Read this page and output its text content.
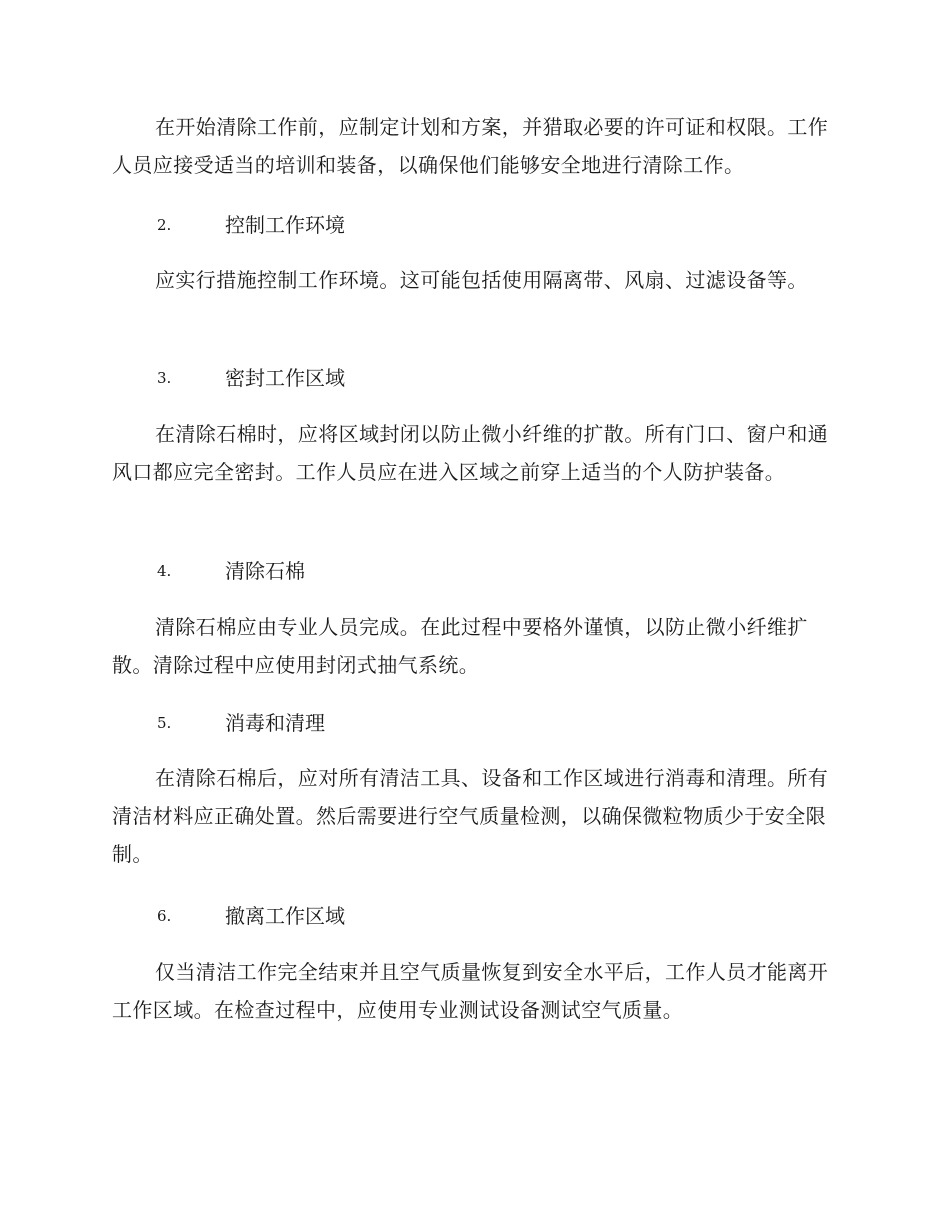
在开始清除工作前，应制定计划和方案，并猎取必要的许可证和权限。工作人员应接受适当的培训和装备，以确保他们能够安全地进行清除工作。

2.	控制工作环境

应实行措施控制工作环境。这可能包括使用隔离带、风扇、过滤设备等。

3.	密封工作区域

在清除石棉时，应将区域封闭以防止微小纤维的扩散。所有门口、窗户和通风口都应完全密封。工作人员应在进入区域之前穿上适当的个人防护装备。

4.	清除石棉

清除石棉应由专业人员完成。在此过程中要格外谨慎，以防止微小纤维扩散。清除过程中应使用封闭式抽气系统。

5.	消毒和清理

在清除石棉后，应对所有清洁工具、设备和工作区域进行消毒和清理。所有清洁材料应正确处置。然后需要进行空气质量检测，以确保微粒物质少于安全限制。

6.	撤离工作区域

仅当清洁工作完全结束并且空气质量恢复到安全水平后，工作人员才能离开工作区域。在检查过程中，应使用专业测试设备测试空气质量。
